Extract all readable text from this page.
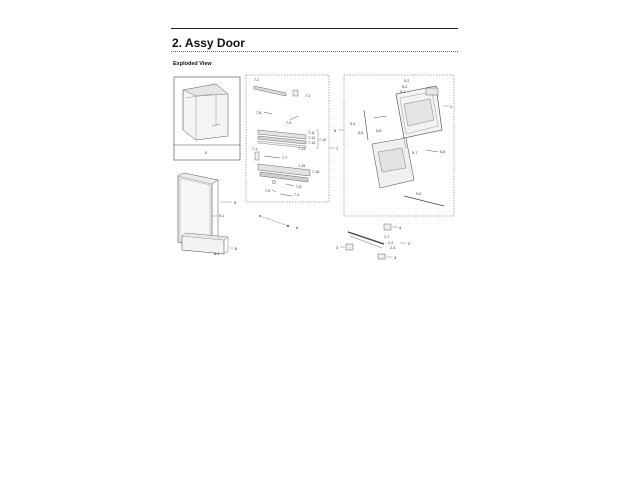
2. Assy Door
Exploded View
0
9
9-1
8
8-1
6
7
7-2
7-3
7-8
7-9
7-11
7-12
7-13
7-14
7-10
7-1
7-7
7-15
7-16
7-6
7-5
7-4
5
1
5-2
5-3
5-1
5-4
5-5	5-6
5-7	5-8
5-9
4
2-1
2-2
2-3
2
3
3
